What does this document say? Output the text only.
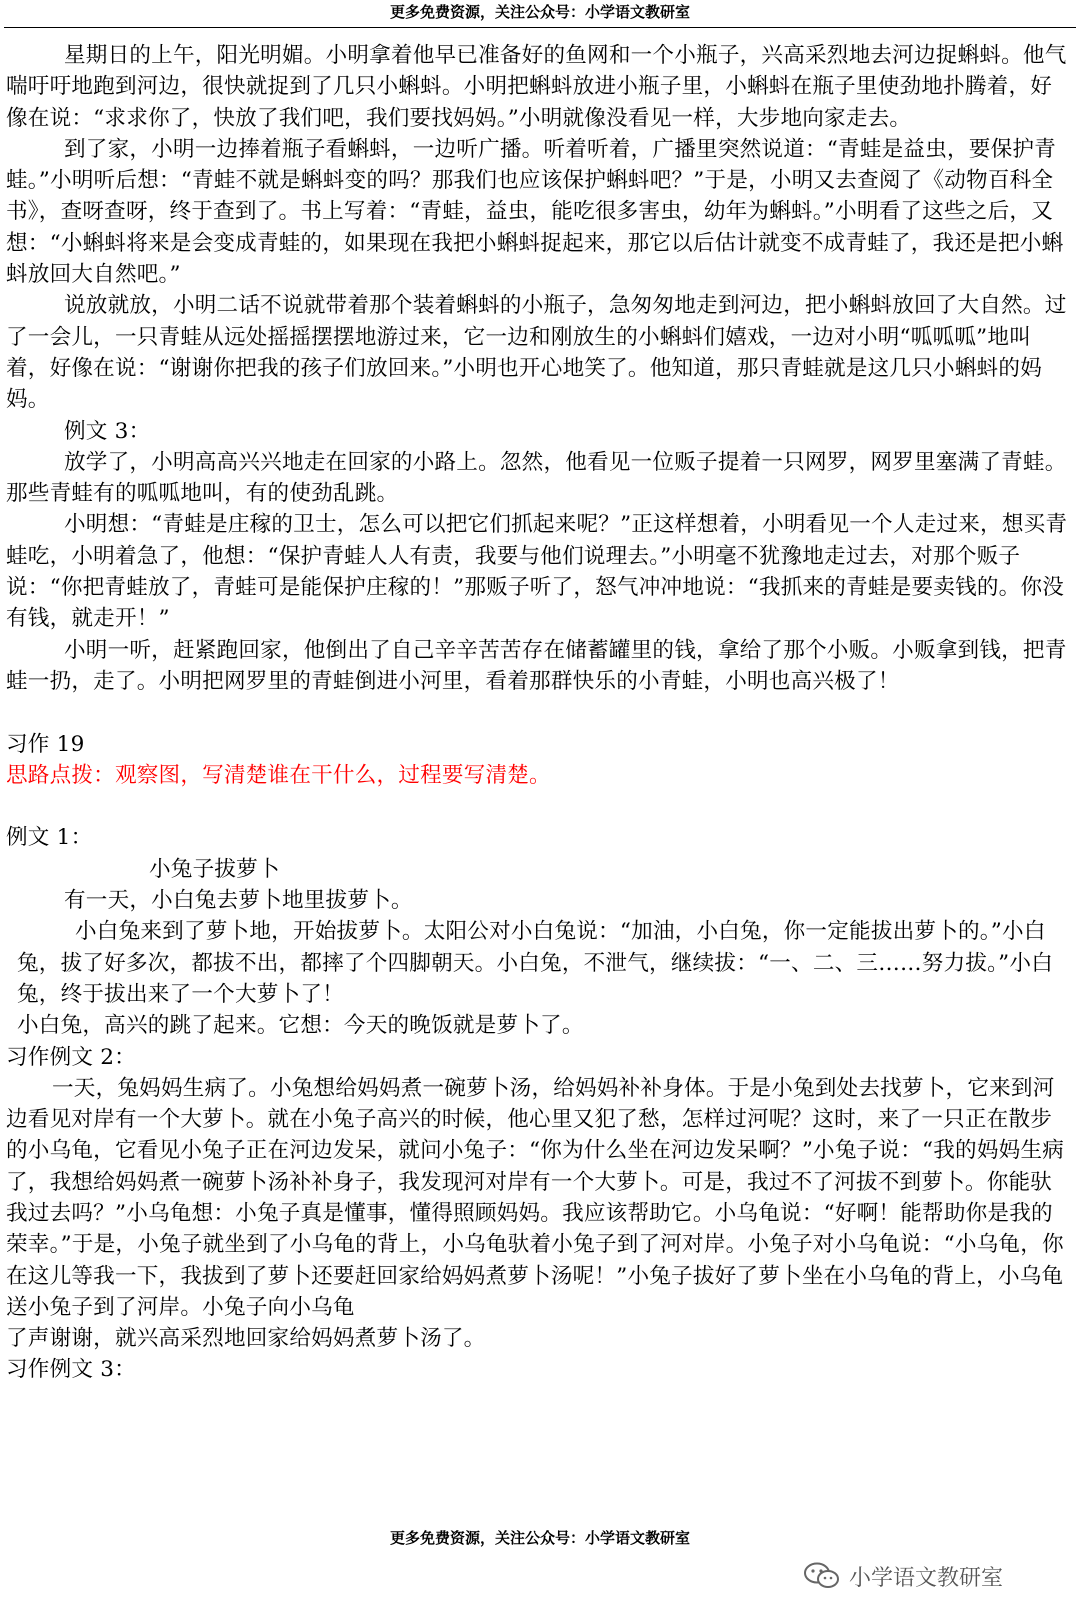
更多免费资源，关注公众号：小学语文教研室

星期日的上午，阳光明媚。小明拿着他早已准备好的鱼网和一个小瓶子，兴高采烈地去河边捉蝌蚪。他气喘吁吁地跑到河边，很快就捉到了几只小蝌蚪。小明把蝌蚪放进小瓶子里，小蝌蚪在瓶子里使劲地扑腾着，好像在说：“求求你了，快放了我们吧，我们要找妈妈。”小明就像没看见一样，大步地向家走去。

到了家，小明一边捧着瓶子看蝌蚪，一边听广播。听着听着，广播里突然说道：“青蛙是益虫，要保护青蛙。”小明听后想：“青蛙不就是蝌蚪变的吗？那我们也应该保护蝌蚪吧？”于是，小明又去查阅了《动物百科全书》，查呀查呀，终于查到了。书上写着：“青蛙，益虫，能吃很多害虫，幼年为蝌蚪。”小明看了这些之后，又想：“小蝌蚪将来是会变成青蛙的，如果现在我把小蝌蚪捉起来，那它以后估计就变不成青蛙了，我还是把小蝌蚪放回大自然吧。”

说放就放，小明二话不说就带着那个装着蝌蚪的小瓶子，急匆匆地走到河边，把小蝌蚪放回了大自然。过了一会儿，一只青蛙从远处摇摇摆摆地游过来，它一边和刚放生的小蝌蚪们嬉戏，一边对小明“呱呱呱”地叫着，好像在说：“谢谢你把我的孩子们放回来。”小明也开心地笑了。他知道，那只青蛙就是这几只小蝌蚪的妈妈。

例文 3：

放学了，小明高高兴兴地走在回家的小路上。忽然，他看见一位贩子提着一只网罗，网罗里塞满了青蛙。那些青蛙有的呱呱地叫，有的使劲乱跳。

小明想：“青蛙是庄稼的卫士，怎么可以把它们抓起来呢？”正这样想着，小明看见一个人走过来，想买青蛙吃，小明着急了，他想：“保护青蛙人人有责，我要与他们说理去。”小明毫不犹豫地走过去，对那个贩子说：“你把青蛙放了，青蛙可是能保护庄稼的！”那贩子听了，怒气冲冲地说：“我抓来的青蛙是要卖钱的。你没有钱，就走开！”

小明一听，赶紧跑回家，他倒出了自己辛辛苦苦存在储蓄罐里的钱，拿给了那个小贩。小贩拿到钱，把青蛙一扔，走了。小明把网罗里的青蛙倒进小河里，看着那群快乐的小青蛙，小明也高兴极了！

习作 19

思路点拨：观察图，写清楚谁在干什么，过程要写清楚。

例文 1：

小兔子拔萝卜

有一天，小白兔去萝卜地里拔萝卜。

小白兔来到了萝卜地，开始拔萝卜。太阳公对小白兔说：“加油，小白兔，你一定能拔出萝卜的。”小白兔，拔了好多次，都拔不出，都摔了个四脚朝天。小白兔，不泄气，继续拔：“一、二、三……努力拔。”小白兔，终于拔出来了一个大萝卜了！

小白兔，高兴的跳了起来。它想：今天的晚饭就是萝卜了。

习作例文 2：

一天，兔妈妈生病了。小兔想给妈妈煮一碗萝卜汤，给妈妈补补身体。于是小兔到处去找萝卜，它来到河边看见对岸有一个大萝卜。就在小兔子高兴的时候，他心里又犯了愁，怎样过河呢？这时，来了一只正在散步的小乌龟，它看见小兔子正在河边发呆，就问小兔子：“你为什么坐在河边发呆啊？”小兔子说：“我的妈妈生病了，我想给妈妈煮一碗萝卜汤补补身子，我发现河对岸有一个大萝卜。可是，我过不了河拔不到萝卜。你能驮我过去吗？”小乌龟想：小兔子真是懂事，懂得照顾妈妈。我应该帮助它。小乌龟说：“好啊！能帮助你是我的荣幸。”于是，小兔子就坐到了小乌龟的背上，小乌龟驮着小兔子到了河对岸。小兔子对小乌龟说：“小乌龟，你在这儿等我一下，我拔到了萝卜还要赶回家给妈妈煮萝卜汤呢！”小兔子拔好了萝卜坐在小乌龟的背上，小乌龟送小兔子到了河岸。小兔子向小乌龟

了声谢谢，就兴高采烈地回家给妈妈煮萝卜汤了。

习作例文 3：

更多免费资源，关注公众号：小学语文教研室
小学语文教研室
